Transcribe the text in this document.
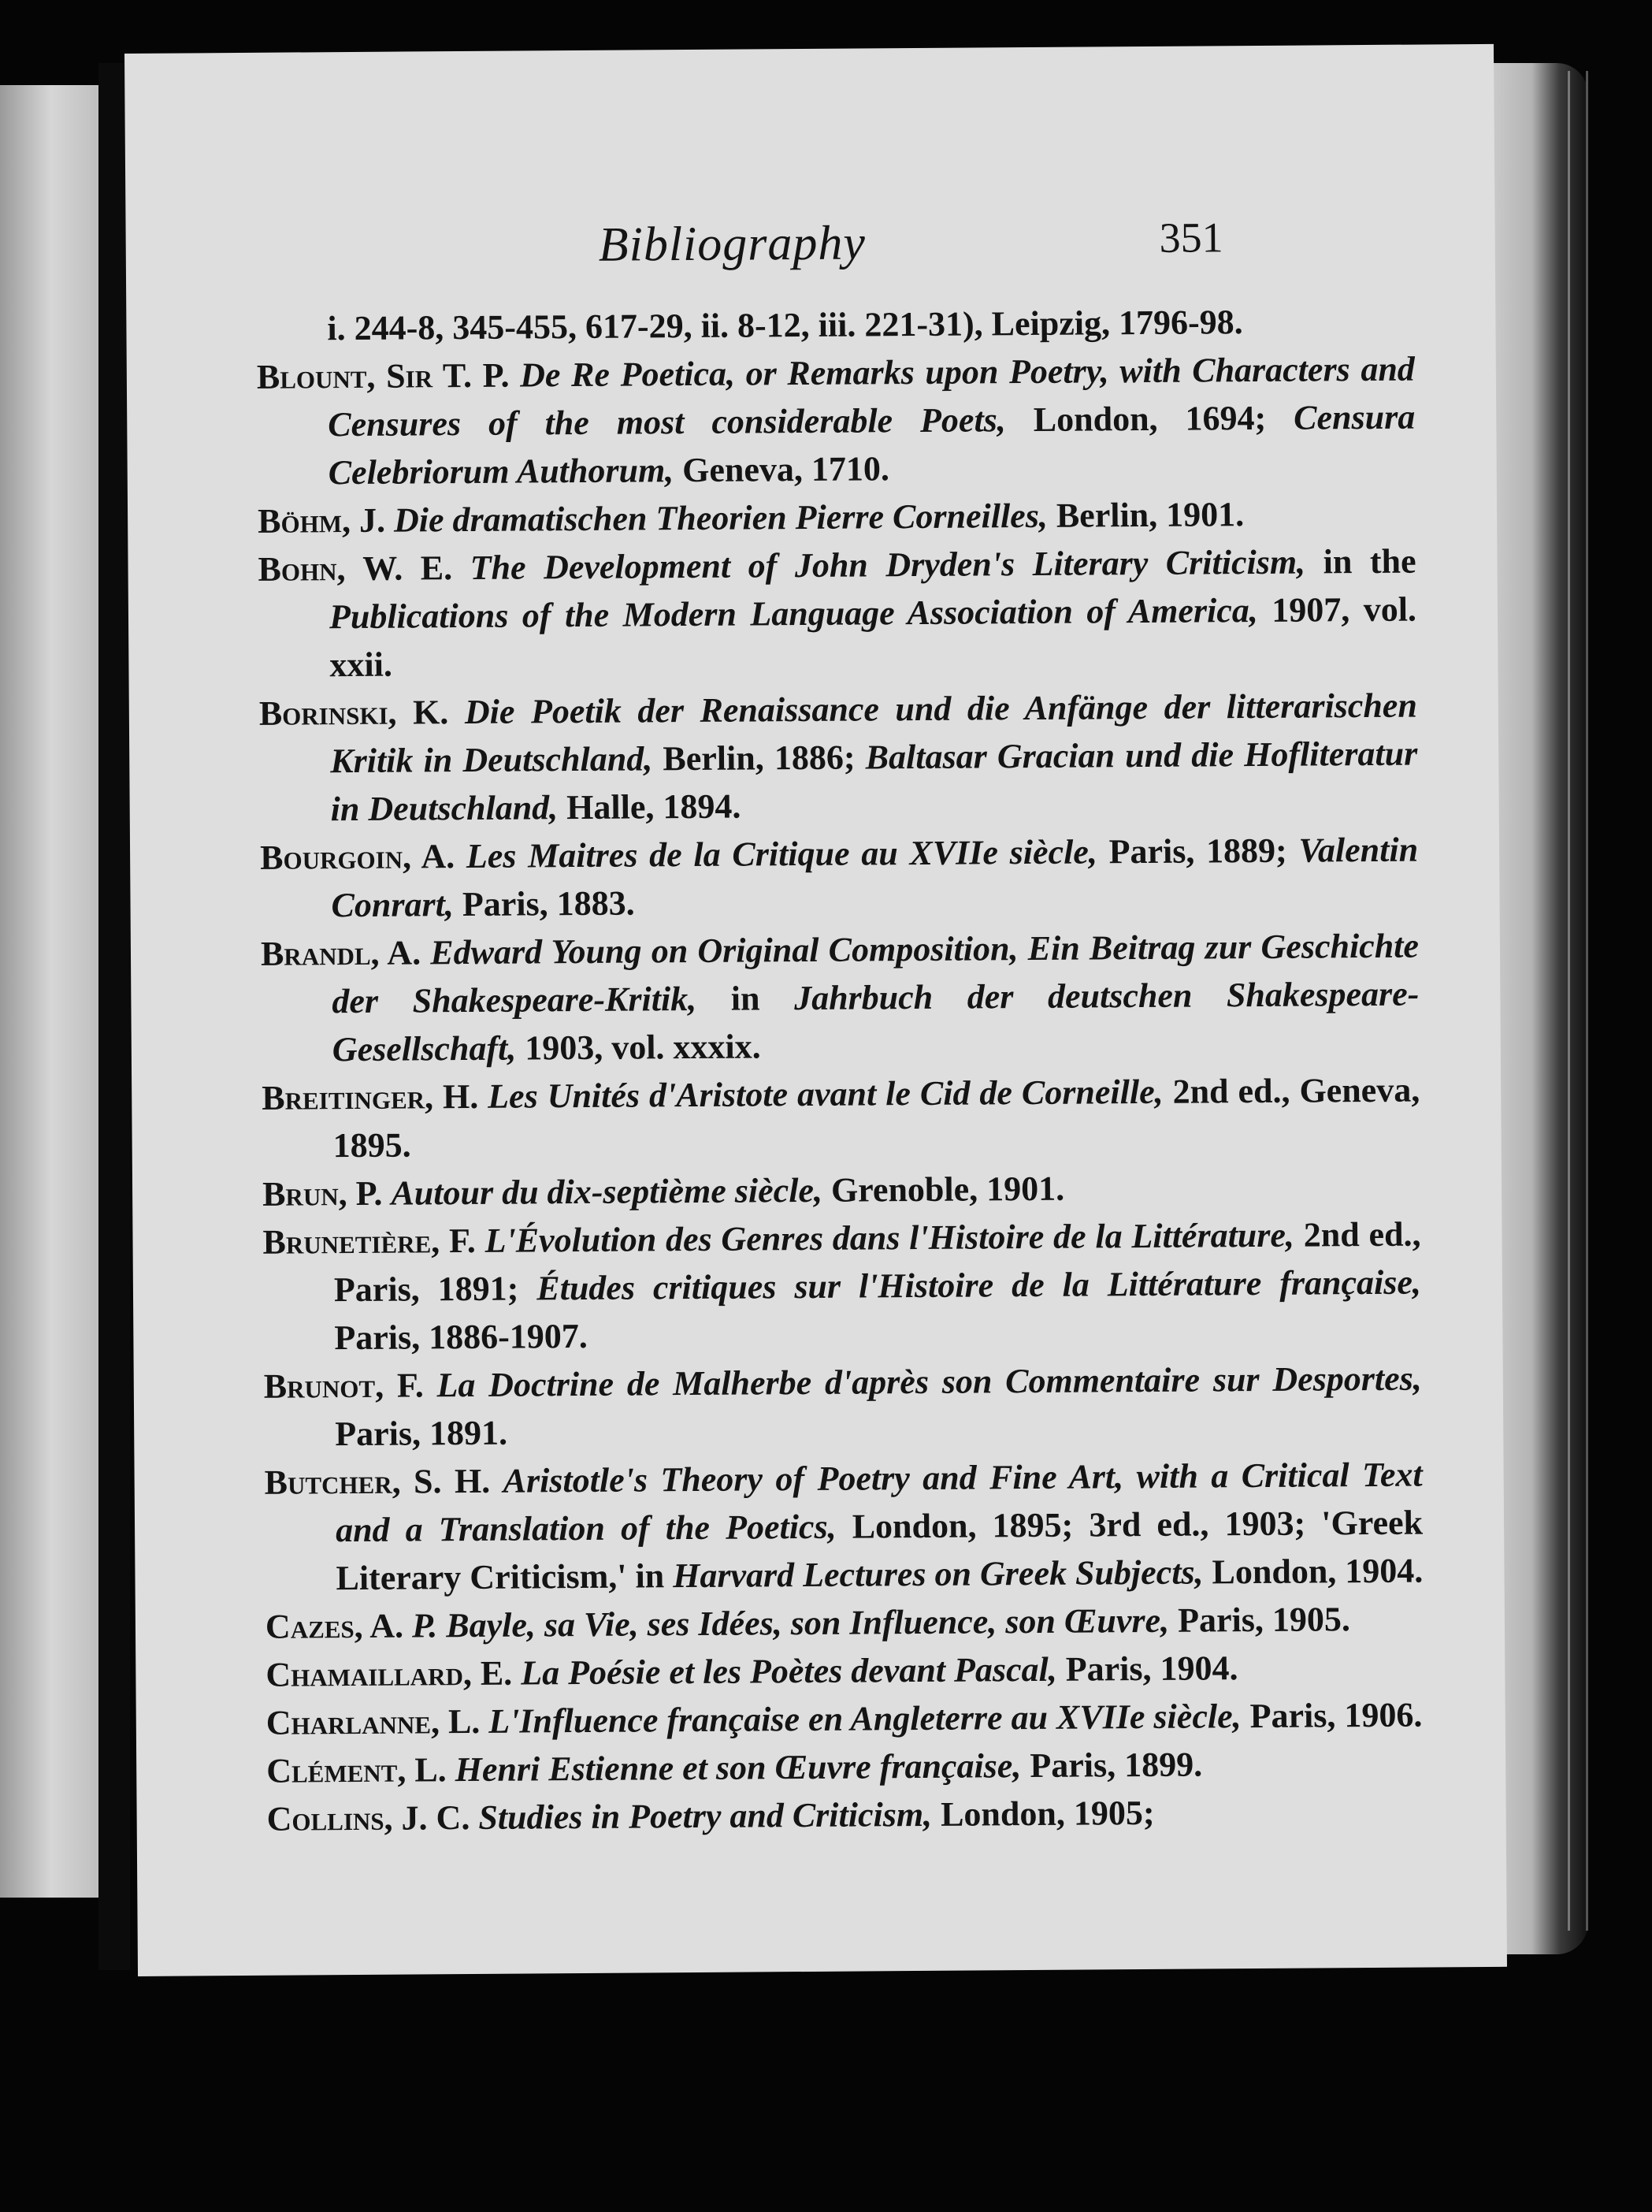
Bibliography	351
i. 244-8, 345-455, 617-29, ii. 8-12, iii. 221-31), Leipzig, 1796-98.
Blount, Sir T. P. De Re Poetica, or Remarks upon Poetry, with Characters and Censures of the most considerable Poets, London, 1694; Censura Celebriorum Authorum, Geneva, 1710.
Böhm, J. Die dramatischen Theorien Pierre Corneilles, Berlin, 1901.
Bohn, W. E. The Development of John Dryden's Literary Criticism, in the Publications of the Modern Language Association of America, 1907, vol. xxii.
Borinski, K. Die Poetik der Renaissance und die Anfänge der litterarischen Kritik in Deutschland, Berlin, 1886; Baltasar Gracian und die Hofliteratur in Deutschland, Halle, 1894.
Bourgoin, A. Les Maitres de la Critique au XVIIe siècle, Paris, 1889; Valentin Conrart, Paris, 1883.
Brandl, A. Edward Young on Original Composition, Ein Beitrag zur Geschichte der Shakespeare-Kritik, in Jahrbuch der deutschen Shakespeare-Gesellschaft, 1903, vol. xxxix.
Breitinger, H. Les Unités d'Aristote avant le Cid de Corneille, 2nd ed., Geneva, 1895.
Brun, P. Autour du dix-septième siècle, Grenoble, 1901.
Brunetière, F. L'Évolution des Genres dans l'Histoire de la Littérature, 2nd ed., Paris, 1891; Études critiques sur l'Histoire de la Littérature française, Paris, 1886-1907.
Brunot, F. La Doctrine de Malherbe d'après son Commentaire sur Desportes, Paris, 1891.
Butcher, S. H. Aristotle's Theory of Poetry and Fine Art, with a Critical Text and a Translation of the Poetics, London, 1895; 3rd ed., 1903; 'Greek Literary Criticism,' in Harvard Lectures on Greek Subjects, London, 1904.
Cazes, A. P. Bayle, sa Vie, ses Idées, son Influence, son Œuvre, Paris, 1905.
Chamaillard, E. La Poésie et les Poètes devant Pascal, Paris, 1904.
Charlanne, L. L'Influence française en Angleterre au XVIIe siècle, Paris, 1906.
Clément, L. Henri Estienne et son Œuvre française, Paris, 1899.
Collins, J. C. Studies in Poetry and Criticism, London, 1905;
